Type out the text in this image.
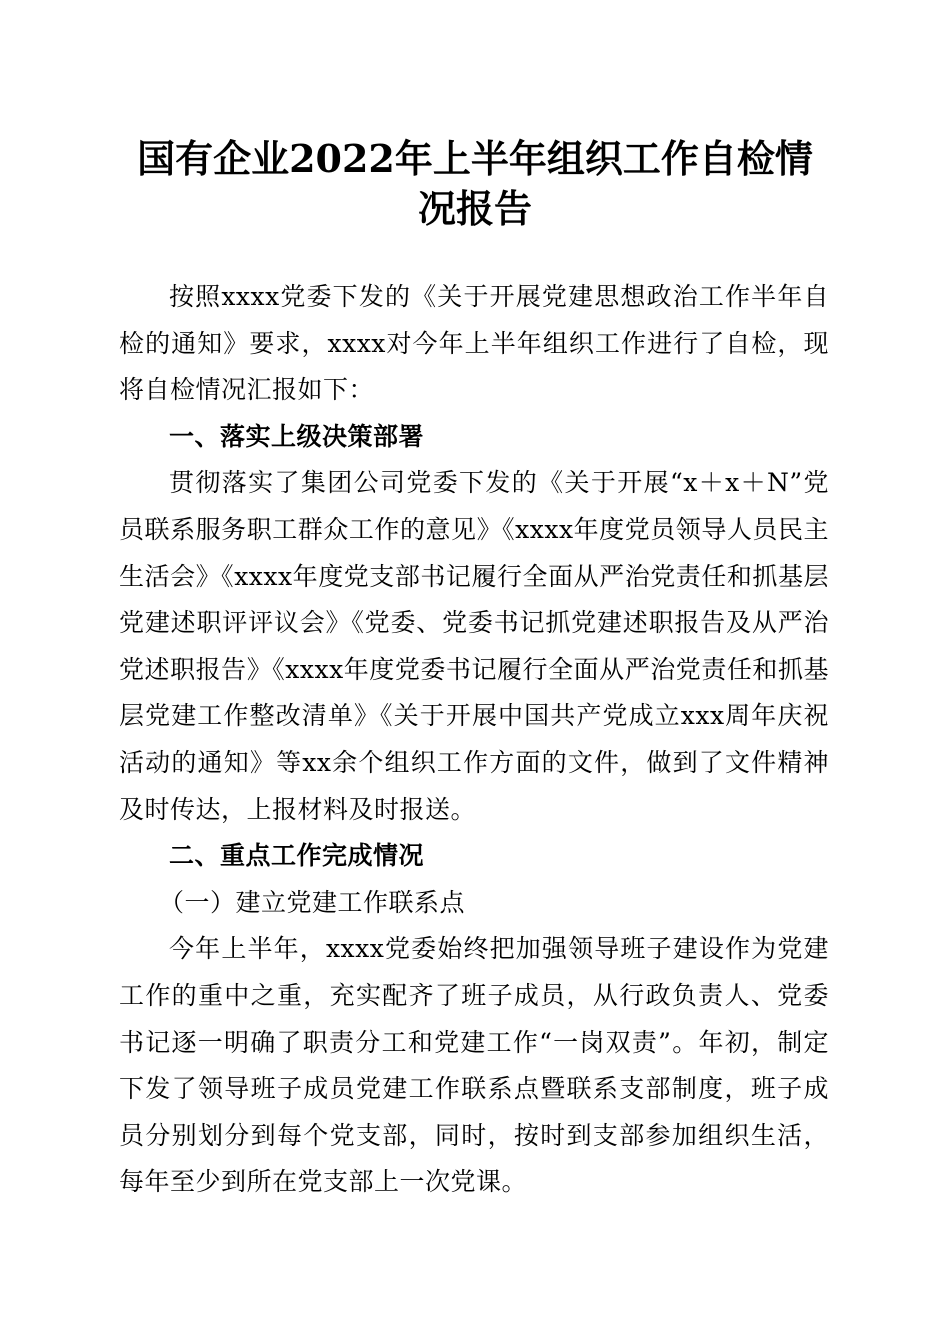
国有企业2022年上半年组织工作自检情况报告

按照xxxx党委下发的《关于开展党建思想政治工作半年自检的通知》要求，xxxx对今年上半年组织工作进行了自检，现将自检情况汇报如下：

一、落实上级决策部署

贯彻落实了集团公司党委下发的《关于开展“x＋x＋N”党员联系服务职工群众工作的意见》《xxxx年度党员领导人员民主生活会》《xxxx年度党支部书记履行全面从严治党责任和抓基层党建述职评评议会》《党委、党委书记抓党建述职报告及从严治党述职报告》《xxxx年度党委书记履行全面从严治党责任和抓基层党建工作整改清单》《关于开展中国共产党成立xxx周年庆祝活动的通知》等xx余个组织工作方面的文件，做到了文件精神及时传达，上报材料及时报送。

二、重点工作完成情况
（一）建立党建工作联系点

今年上半年，xxxx党委始终把加强领导班子建设作为党建工作的重中之重，充实配齐了班子成员，从行政负责人、党委书记逐一明确了职责分工和党建工作“一岗双责”。年初，制定下发了领导班子成员党建工作联系点暨联系支部制度，班子成员分别划分到每个党支部，同时，按时到支部参加组织生活，每年至少到所在党支部上一次党课。
